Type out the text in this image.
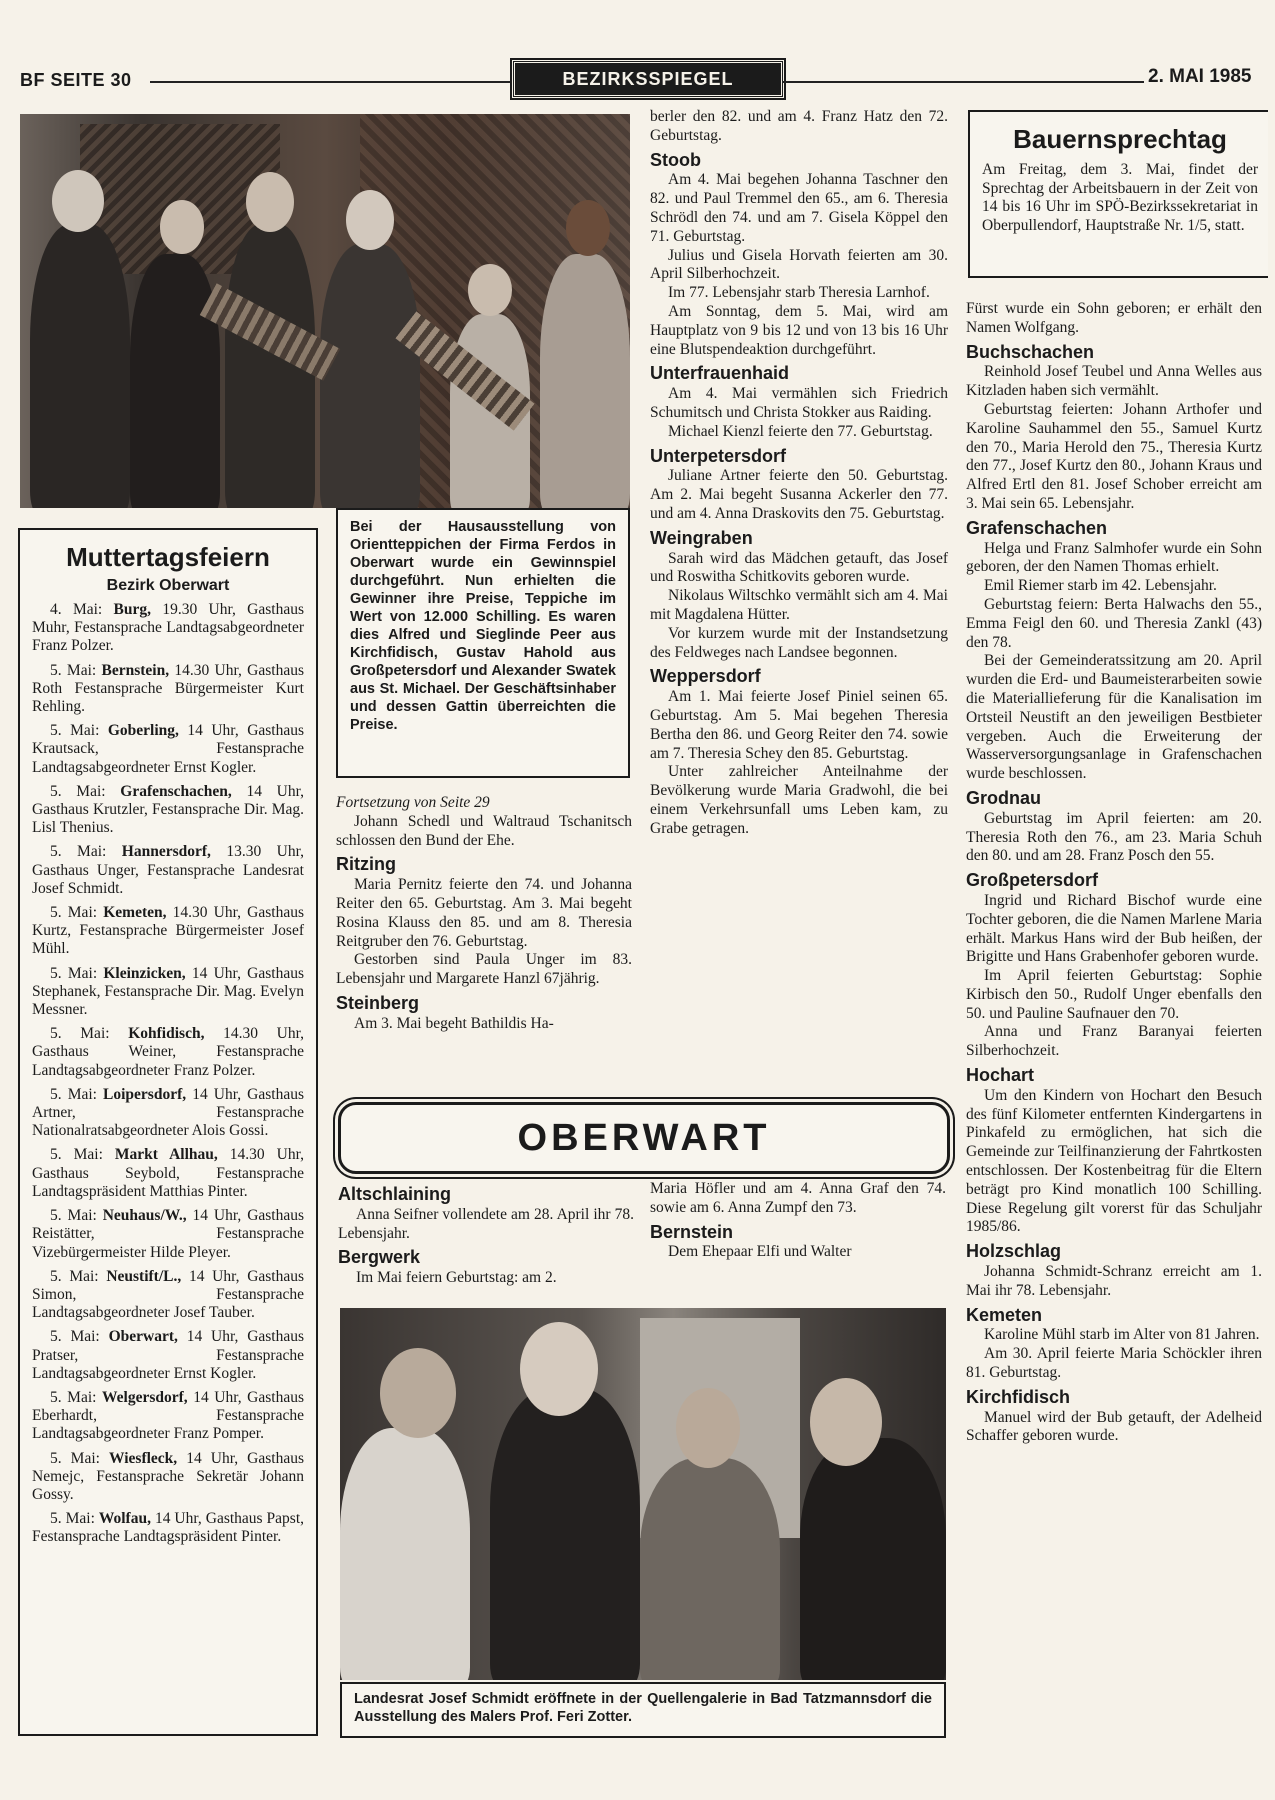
BF SEITE 30	BEZIRKSSPIEGEL	2. MAI 1985
Bei der Hausausstellung von Orientteppichen der Firma Ferdos in Oberwart wurde ein Gewinnspiel durchgeführt. Nun erhielten die Gewinner ihre Preise, Teppiche im Wert von 12.000 Schilling. Es waren dies Alfred und Sieglinde Peer aus Kirchfidisch, Gustav Hahold aus Großpetersdorf und Alexander Swatek aus St. Michael. Der Geschäftsinhaber und dessen Gattin überreichten die Preise.
Muttertagsfeiern
Bezirk Oberwart

4. Mai: Burg, 19.30 Uhr, Gasthaus Muhr, Festansprache Landtagsabgeordneter Franz Polzer.

5. Mai: Bernstein, 14.30 Uhr, Gasthaus Roth Festansprache Bürgermeister Kurt Rehling.

5. Mai: Goberling, 14 Uhr, Gasthaus Krautsack, Festansprache Landtagsabgeordneter Ernst Kogler.

5. Mai: Grafenschachen, 14 Uhr, Gasthaus Krutzler, Festansprache Dir. Mag. Lisl Thenius.

5. Mai: Hannersdorf, 13.30 Uhr, Gasthaus Unger, Festansprache Landesrat Josef Schmidt.

5. Mai: Kemeten, 14.30 Uhr, Gasthaus Kurtz, Festansprache Bürgermeister Josef Mühl.

5. Mai: Kleinzicken, 14 Uhr, Gasthaus Stephanek, Festansprache Dir. Mag. Evelyn Messner.

5. Mai: Kohfidisch, 14.30 Uhr, Gasthaus Weiner, Festansprache Landtagsabgeordneter Franz Polzer.

5. Mai: Loipersdorf, 14 Uhr, Gasthaus Artner, Festansprache Nationalratsabgeordneter Alois Gossi.

5. Mai: Markt Allhau, 14.30 Uhr, Gasthaus Seybold, Festansprache Landtagspräsident Matthias Pinter.

5. Mai: Neuhaus/W., 14 Uhr, Gasthaus Reistätter, Festansprache Vizebürgermeister Hilde Pleyer.

5. Mai: Neustift/L., 14 Uhr, Gasthaus Simon, Festansprache Landtagsabgeordneter Josef Tauber.

5. Mai: Oberwart, 14 Uhr, Gasthaus Pratser, Festansprache Landtagsabgeordneter Ernst Kogler.

5. Mai: Welgersdorf, 14 Uhr, Gasthaus Eberhardt, Festansprache Landtagsabgeordneter Franz Pomper.

5. Mai: Wiesfleck, 14 Uhr, Gasthaus Nemejc, Festansprache Sekretär Johann Gossy.

5. Mai: Wolfau, 14 Uhr, Gasthaus Papst, Festansprache Landtagspräsident Pinter.

Fortsetzung von Seite 29

Johann Schedl und Waltraud Tschanitsch schlossen den Bund der Ehe.

Ritzing

Maria Pernitz feierte den 74. und Johanna Reiter den 65. Geburtstag. Am 3. Mai begeht Rosina Klauss den 85. und am 8. Theresia Reitgruber den 76. Geburtstag.

Gestorben sind Paula Unger im 83. Lebensjahr und Margarete Hanzl 67jährig.

Steinberg

Am 3. Mai begeht Bathildis Ha-

berler den 82. und am 4. Franz Hatz den 72. Geburtstag.

Stoob

Am 4. Mai begehen Johanna Taschner den 82. und Paul Tremmel den 65., am 6. Theresia Schrödl den 74. und am 7. Gisela Köppel den 71. Geburtstag.

Julius und Gisela Horvath feierten am 30. April Silberhochzeit.

Im 77. Lebensjahr starb Theresia Larnhof.

Am Sonntag, dem 5. Mai, wird am Hauptplatz von 9 bis 12 und von 13 bis 16 Uhr eine Blutspendeaktion durchgeführt.

Unterfrauenhaid

Am 4. Mai vermählen sich Friedrich Schumitsch und Christa Stokker aus Raiding.

Michael Kienzl feierte den 77. Geburtstag.

Unterpetersdorf

Juliane Artner feierte den 50. Geburtstag. Am 2. Mai begeht Susanna Ackerler den 77. und am 4. Anna Draskovits den 75. Geburtstag.

Weingraben

Sarah wird das Mädchen getauft, das Josef und Roswitha Schitkovits geboren wurde.

Nikolaus Wiltschko vermählt sich am 4. Mai mit Magdalena Hütter.

Vor kurzem wurde mit der Instandsetzung des Feldweges nach Landsee begonnen.

Weppersdorf

Am 1. Mai feierte Josef Piniel seinen 65. Geburtstag. Am 5. Mai begehen Theresia Bertha den 86. und Georg Reiter den 74. sowie am 7. Theresia Schey den 85. Geburtstag.

Unter zahlreicher Anteilnahme der Bevölkerung wurde Maria Gradwohl, die bei einem Verkehrsunfall ums Leben kam, zu Grabe getragen.

OBERWART
Altschlaining

Anna Seifner vollendete am 28. April ihr 78. Lebensjahr.

Bergwerk

Im Mai feiern Geburtstag: am 2.

Maria Höfler und am 4. Anna Graf den 74. sowie am 6. Anna Zumpf den 73.

Bernstein

Dem Ehepaar Elfi und Walter

Landesrat Josef Schmidt eröffnete in der Quellengalerie in Bad Tatzmannsdorf die Ausstellung des Malers Prof. Feri Zotter.
Bauernsprechtag
Am Freitag, dem 3. Mai, findet der Sprechtag der Arbeitsbauern in der Zeit von 14 bis 16 Uhr im SPÖ-Bezirkssekretariat in Oberpullendorf, Hauptstraße Nr. 1/5, statt.

Fürst wurde ein Sohn geboren; er erhält den Namen Wolfgang.

Buchschachen

Reinhold Josef Teubel und Anna Welles aus Kitzladen haben sich vermählt.

Geburtstag feierten: Johann Arthofer und Karoline Sauhammel den 55., Samuel Kurtz den 70., Maria Herold den 75., Theresia Kurtz den 77., Josef Kurtz den 80., Johann Kraus und Alfred Ertl den 81. Josef Schober erreicht am 3. Mai sein 65. Lebensjahr.

Grafenschachen

Helga und Franz Salmhofer wurde ein Sohn geboren, der den Namen Thomas erhielt.

Emil Riemer starb im 42. Lebensjahr.

Geburtstag feiern: Berta Halwachs den 55., Emma Feigl den 60. und Theresia Zankl (43) den 78.

Bei der Gemeinderatssitzung am 20. April wurden die Erd- und Baumeisterarbeiten sowie die Materiallieferung für die Kanalisation im Ortsteil Neustift an den jeweiligen Bestbieter vergeben. Auch die Erweiterung der Wasserversorgungsanlage in Grafenschachen wurde beschlossen.

Grodnau

Geburtstag im April feierten: am 20. Theresia Roth den 76., am 23. Maria Schuh den 80. und am 28. Franz Posch den 55.

Großpetersdorf

Ingrid und Richard Bischof wurde eine Tochter geboren, die die Namen Marlene Maria erhält. Markus Hans wird der Bub heißen, der Brigitte und Hans Grabenhofer geboren wurde.

Im April feierten Geburtstag: Sophie Kirbisch den 50., Rudolf Unger ebenfalls den 50. und Pauline Saufnauer den 70.

Anna und Franz Baranyai feierten Silberhochzeit.

Hochart

Um den Kindern von Hochart den Besuch des fünf Kilometer entfernten Kindergartens in Pinkafeld zu ermöglichen, hat sich die Gemeinde zur Teilfinanzierung der Fahrtkosten entschlossen. Der Kostenbeitrag für die Eltern beträgt pro Kind monatlich 100 Schilling. Diese Regelung gilt vorerst für das Schuljahr 1985/86.

Holzschlag

Johanna Schmidt-Schranz erreicht am 1. Mai ihr 78. Lebensjahr.

Kemeten

Karoline Mühl starb im Alter von 81 Jahren.

Am 30. April feierte Maria Schöckler ihren 81. Geburtstag.

Kirchfidisch

Manuel wird der Bub getauft, der Adelheid Schaffer geboren wurde.
